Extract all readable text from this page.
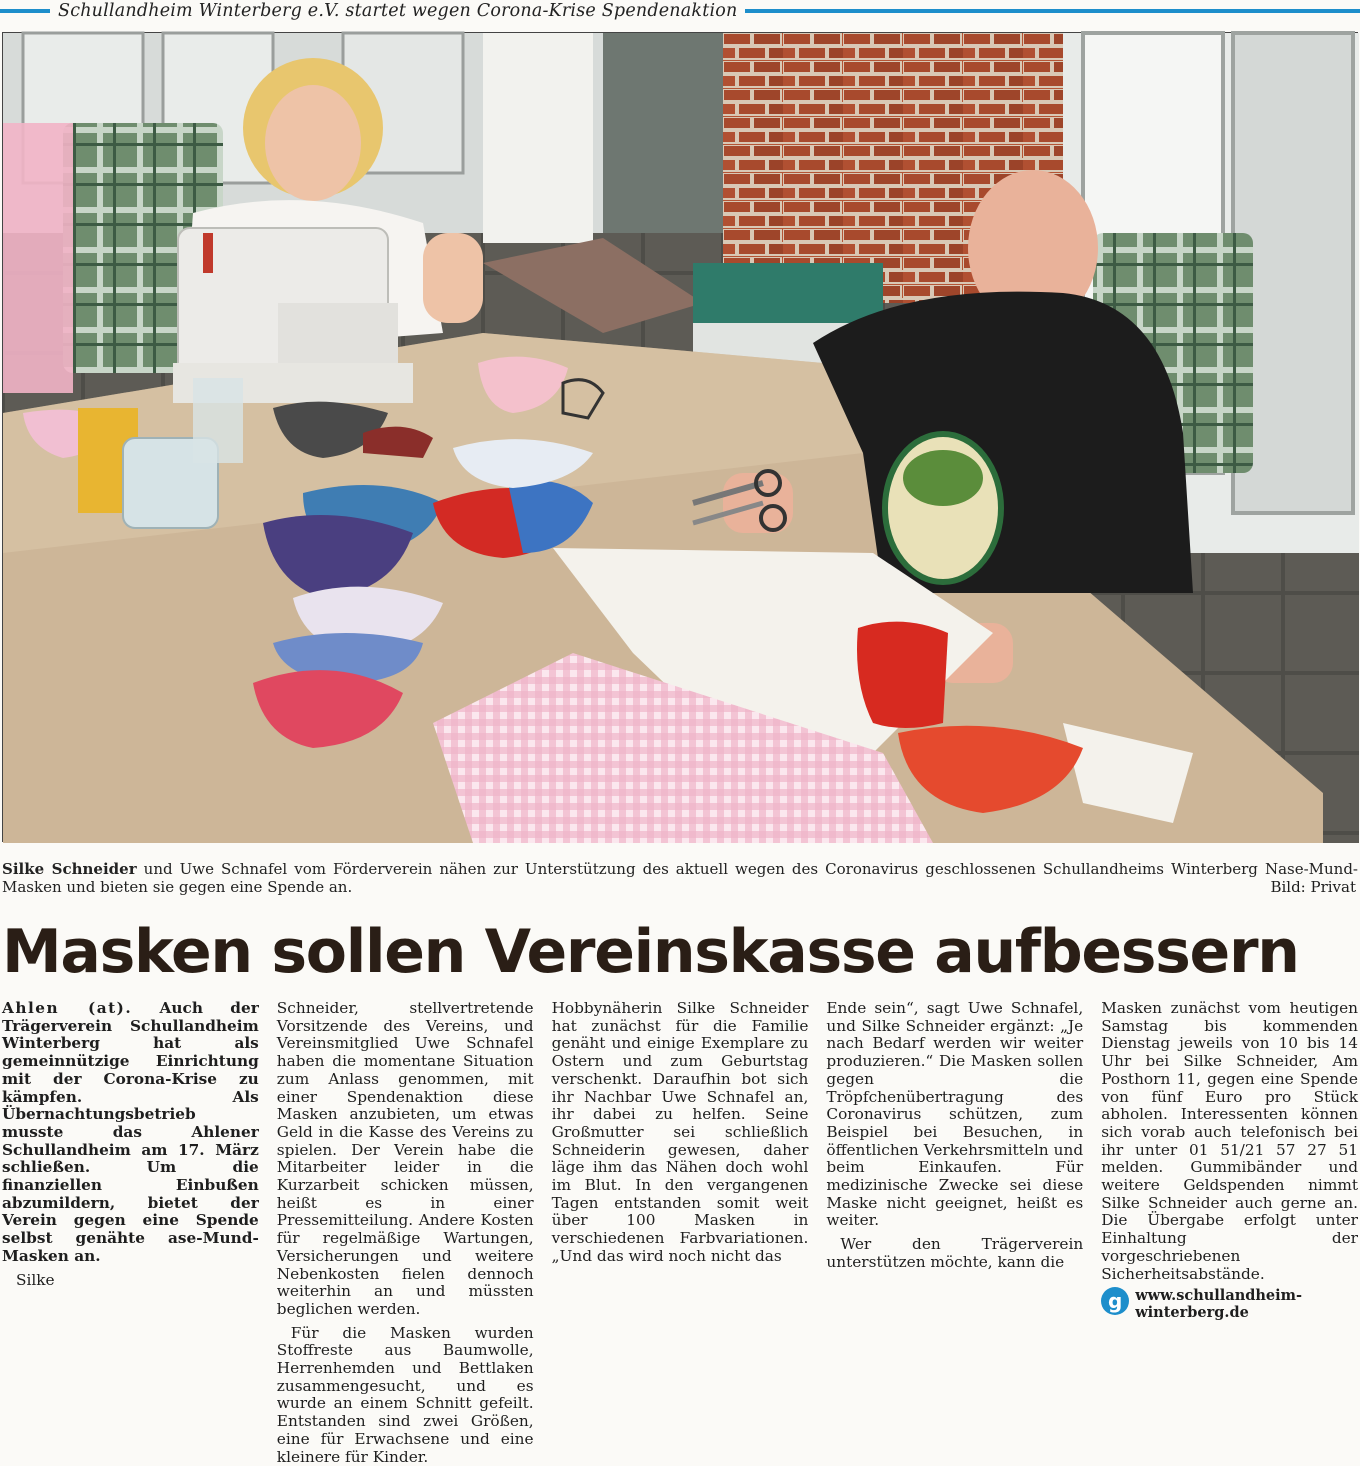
Schullandheim Winterberg e.V. startet wegen Corona-Krise Spendenaktion
Silke Schneider und Uwe Schnafel vom Förderverein nähen zur Unterstützung des aktuell wegen des Coronavirus geschlossenen Schullandheims Winterberg Nase-Mund-Masken und bieten sie gegen eine Spende an.	Bild: Privat
Masken sollen Vereinskasse aufbessern

Ahlen (at). Auch der Trägerverein Schullandheim Winterberg hat als gemeinnützige Einrichtung mit der Corona-Krise zu kämpfen. Als Übernachtungsbetrieb musste das Ahlener Schullandheim am 17. März schließen. Um die finanziellen Einbußen abzumildern, bietet der Verein gegen eine Spende selbst genähte ase-Mund-Masken an.

Silke

Schneider, stellvertretende Vorsitzende des Vereins, und Vereinsmitglied Uwe Schnafel haben die momentane Situation zum Anlass genommen, mit einer Spendenaktion diese Masken anzubieten, um etwas Geld in die Kasse des Vereins zu spielen. Der Verein habe die Mitarbeiter leider in die Kurzarbeit schicken müssen, heißt es in einer Pressemitteilung. Andere Kosten für regelmäßige Wartungen, Versicherungen und weitere Nebenkosten fielen dennoch weiterhin an und müssten beglichen werden.

Für die Masken wurden Stoffreste aus Baumwolle, Herrenhemden und Bettlaken zusammengesucht, und es wurde an einem Schnitt gefeilt. Entstanden sind zwei Größen, eine für Erwachsene und eine kleinere für Kinder.

Hobbynäherin Silke Schneider hat zunächst für die Familie genäht und einige Exemplare zu Ostern und zum Geburtstag verschenkt. Daraufhin bot sich ihr Nachbar Uwe Schnafel an, ihr dabei zu helfen. Seine Großmutter sei schließlich Schneiderin gewesen, daher läge ihm das Nähen doch wohl im Blut. In den vergangenen Tagen entstanden somit weit über 100 Masken in verschiedenen Farbvariationen. „Und das wird noch nicht das

Ende sein“, sagt Uwe Schnafel, und Silke Schneider ergänzt: „Je nach Bedarf werden wir weiter produzieren.“ Die Masken sollen gegen die Tröpfchenübertragung des Coronavirus schützen, zum Beispiel bei Besuchen, in öffentlichen Verkehrsmitteln und beim Einkaufen. Für medizinische Zwecke sei diese Maske nicht geeignet, heißt es weiter.

Wer den Trägerverein unterstützen möchte, kann die

Masken zunächst vom heutigen Samstag bis kommenden Dienstag jeweils von 10 bis 14 Uhr bei Silke Schneider, Am Posthorn 11, gegen eine Spende von fünf Euro pro Stück abholen. Interessenten können sich vorab auch telefonisch bei ihr unter 01 51/21 57 27 51 melden. Gummibänder und weitere Geldspenden nimmt Silke Schneider auch gerne an. Die Übergabe erfolgt unter Einhaltung der vorgeschriebenen Sicherheitsabstände.

g www.schullandheim-winterberg.de
